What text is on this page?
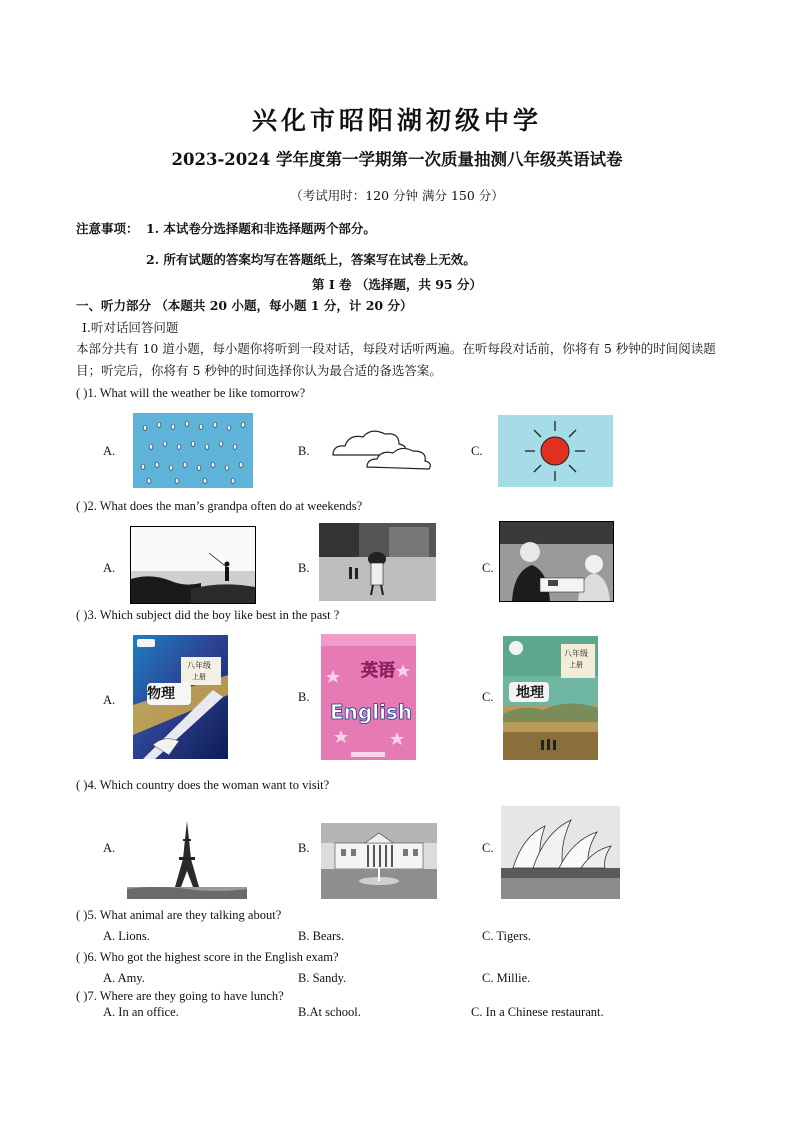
兴化市昭阳湖初级中学
2023-2024 学年度第一学期第一次质量抽测八年级英语试卷
（考试用时：120 分钟 满分 150 分）
注意事项： 1. 本试卷分选择题和非选择题两个部分。
2. 所有试题的答案均写在答题纸上，答案写在试卷上无效。
第 I 卷 （选择题，共 95 分）
一、听力部分 （本题共 20 小题，每小题 1 分，计 20 分）
I.听对话回答问题
本部分共有 10 道小题，每小题你将听到一段对话，每段对话听两遍。在听每段对话前，你将有 5 秒钟的时间阅读题目；听完后，你将有 5 秒钟的时间选择你认为最合适的备选答案。
( )1. What will the weather be like tomorrow?
A.	B.	C.
( )2. What does the man’s grandpa often do at weekends?
A.	B.	C.
( )3. Which subject did the boy like best in the past ?
A. 物理
八年级
上册
B.
英语
English
C. 地理
八年级
上册
( )4. Which country does the woman want to visit?
A.	B.	C.
( )5. What animal are they talking about?
A. Lions.	B. Bears.	C. Tigers.
( )6. Who got the highest score in the English exam?
A. Amy.	B. Sandy.	C. Millie.
( )7. Where are they going to have lunch?
A. In an office.	B.At school.	C. In a Chinese restaurant.
